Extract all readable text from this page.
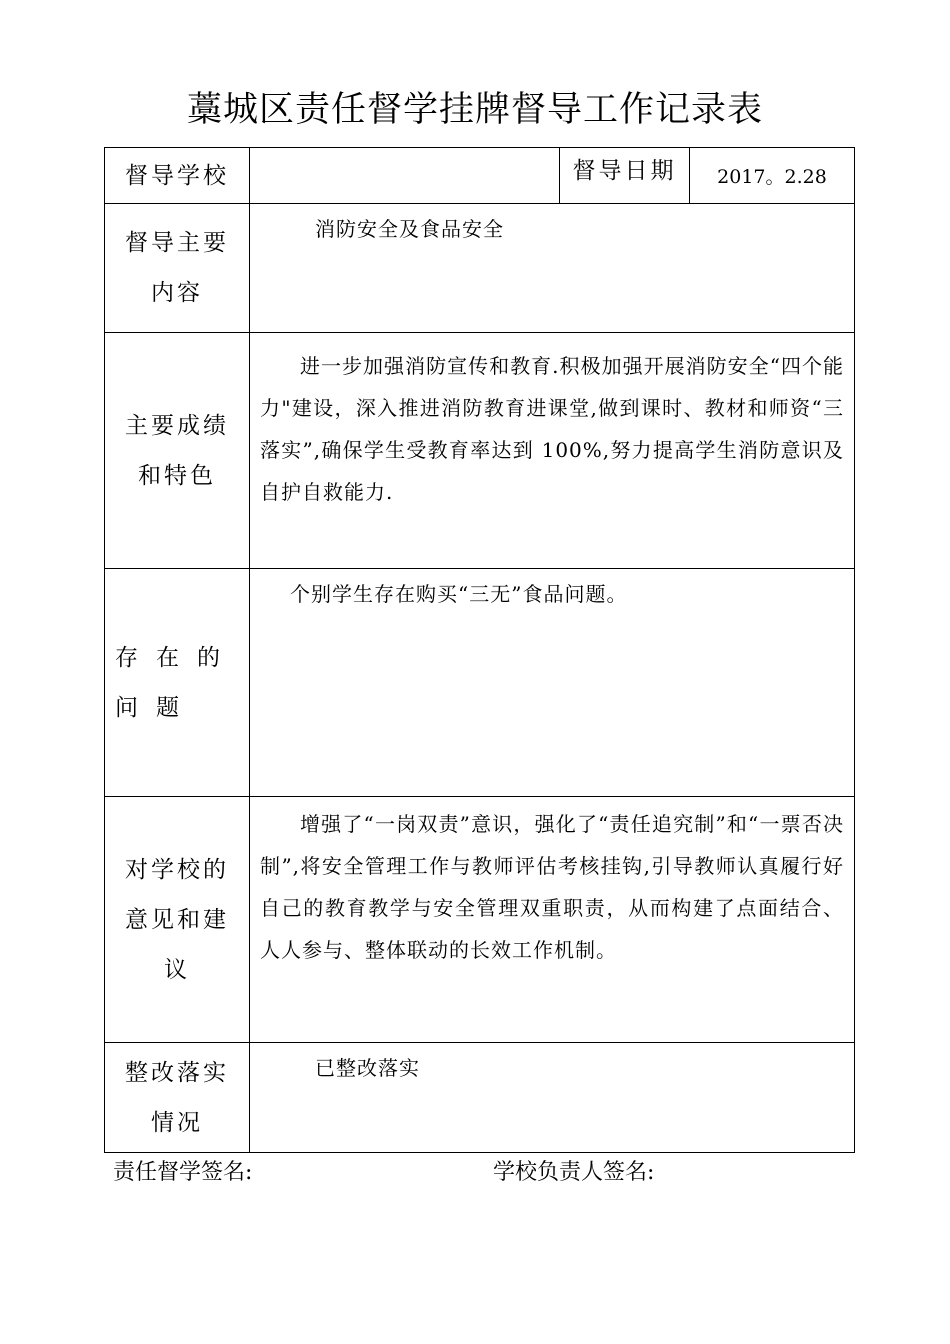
藁城区责任督学挂牌督导工作记录表
督导学校		督导日期	2017。2.28

督导主要内容	消防安全及食品安全		

主要成绩和特色	进一步加强消防宣传和教育.积极加强开展消防安全“四个能力"建设，深入推进消防教育进课堂,做到课时、教材和师资“三落实”,确保学生受教育率达到 100%,努力提高学生消防意识及自护自救能力.		

存在的问题	个别学生存在购买“三无”食品问题。		

对学校的意见和建议	增强了“一岗双责”意识，强化了“责任追究制”和“一票否决制”,将安全管理工作与教师评估考核挂钩,引导教师认真履行好自己的教育教学与安全管理双重职责，从而构建了点面结合、人人参与、整体联动的长效工作机制。		

整改落实情况	已整改落实		

责任督学签名:	学校负责人签名:
